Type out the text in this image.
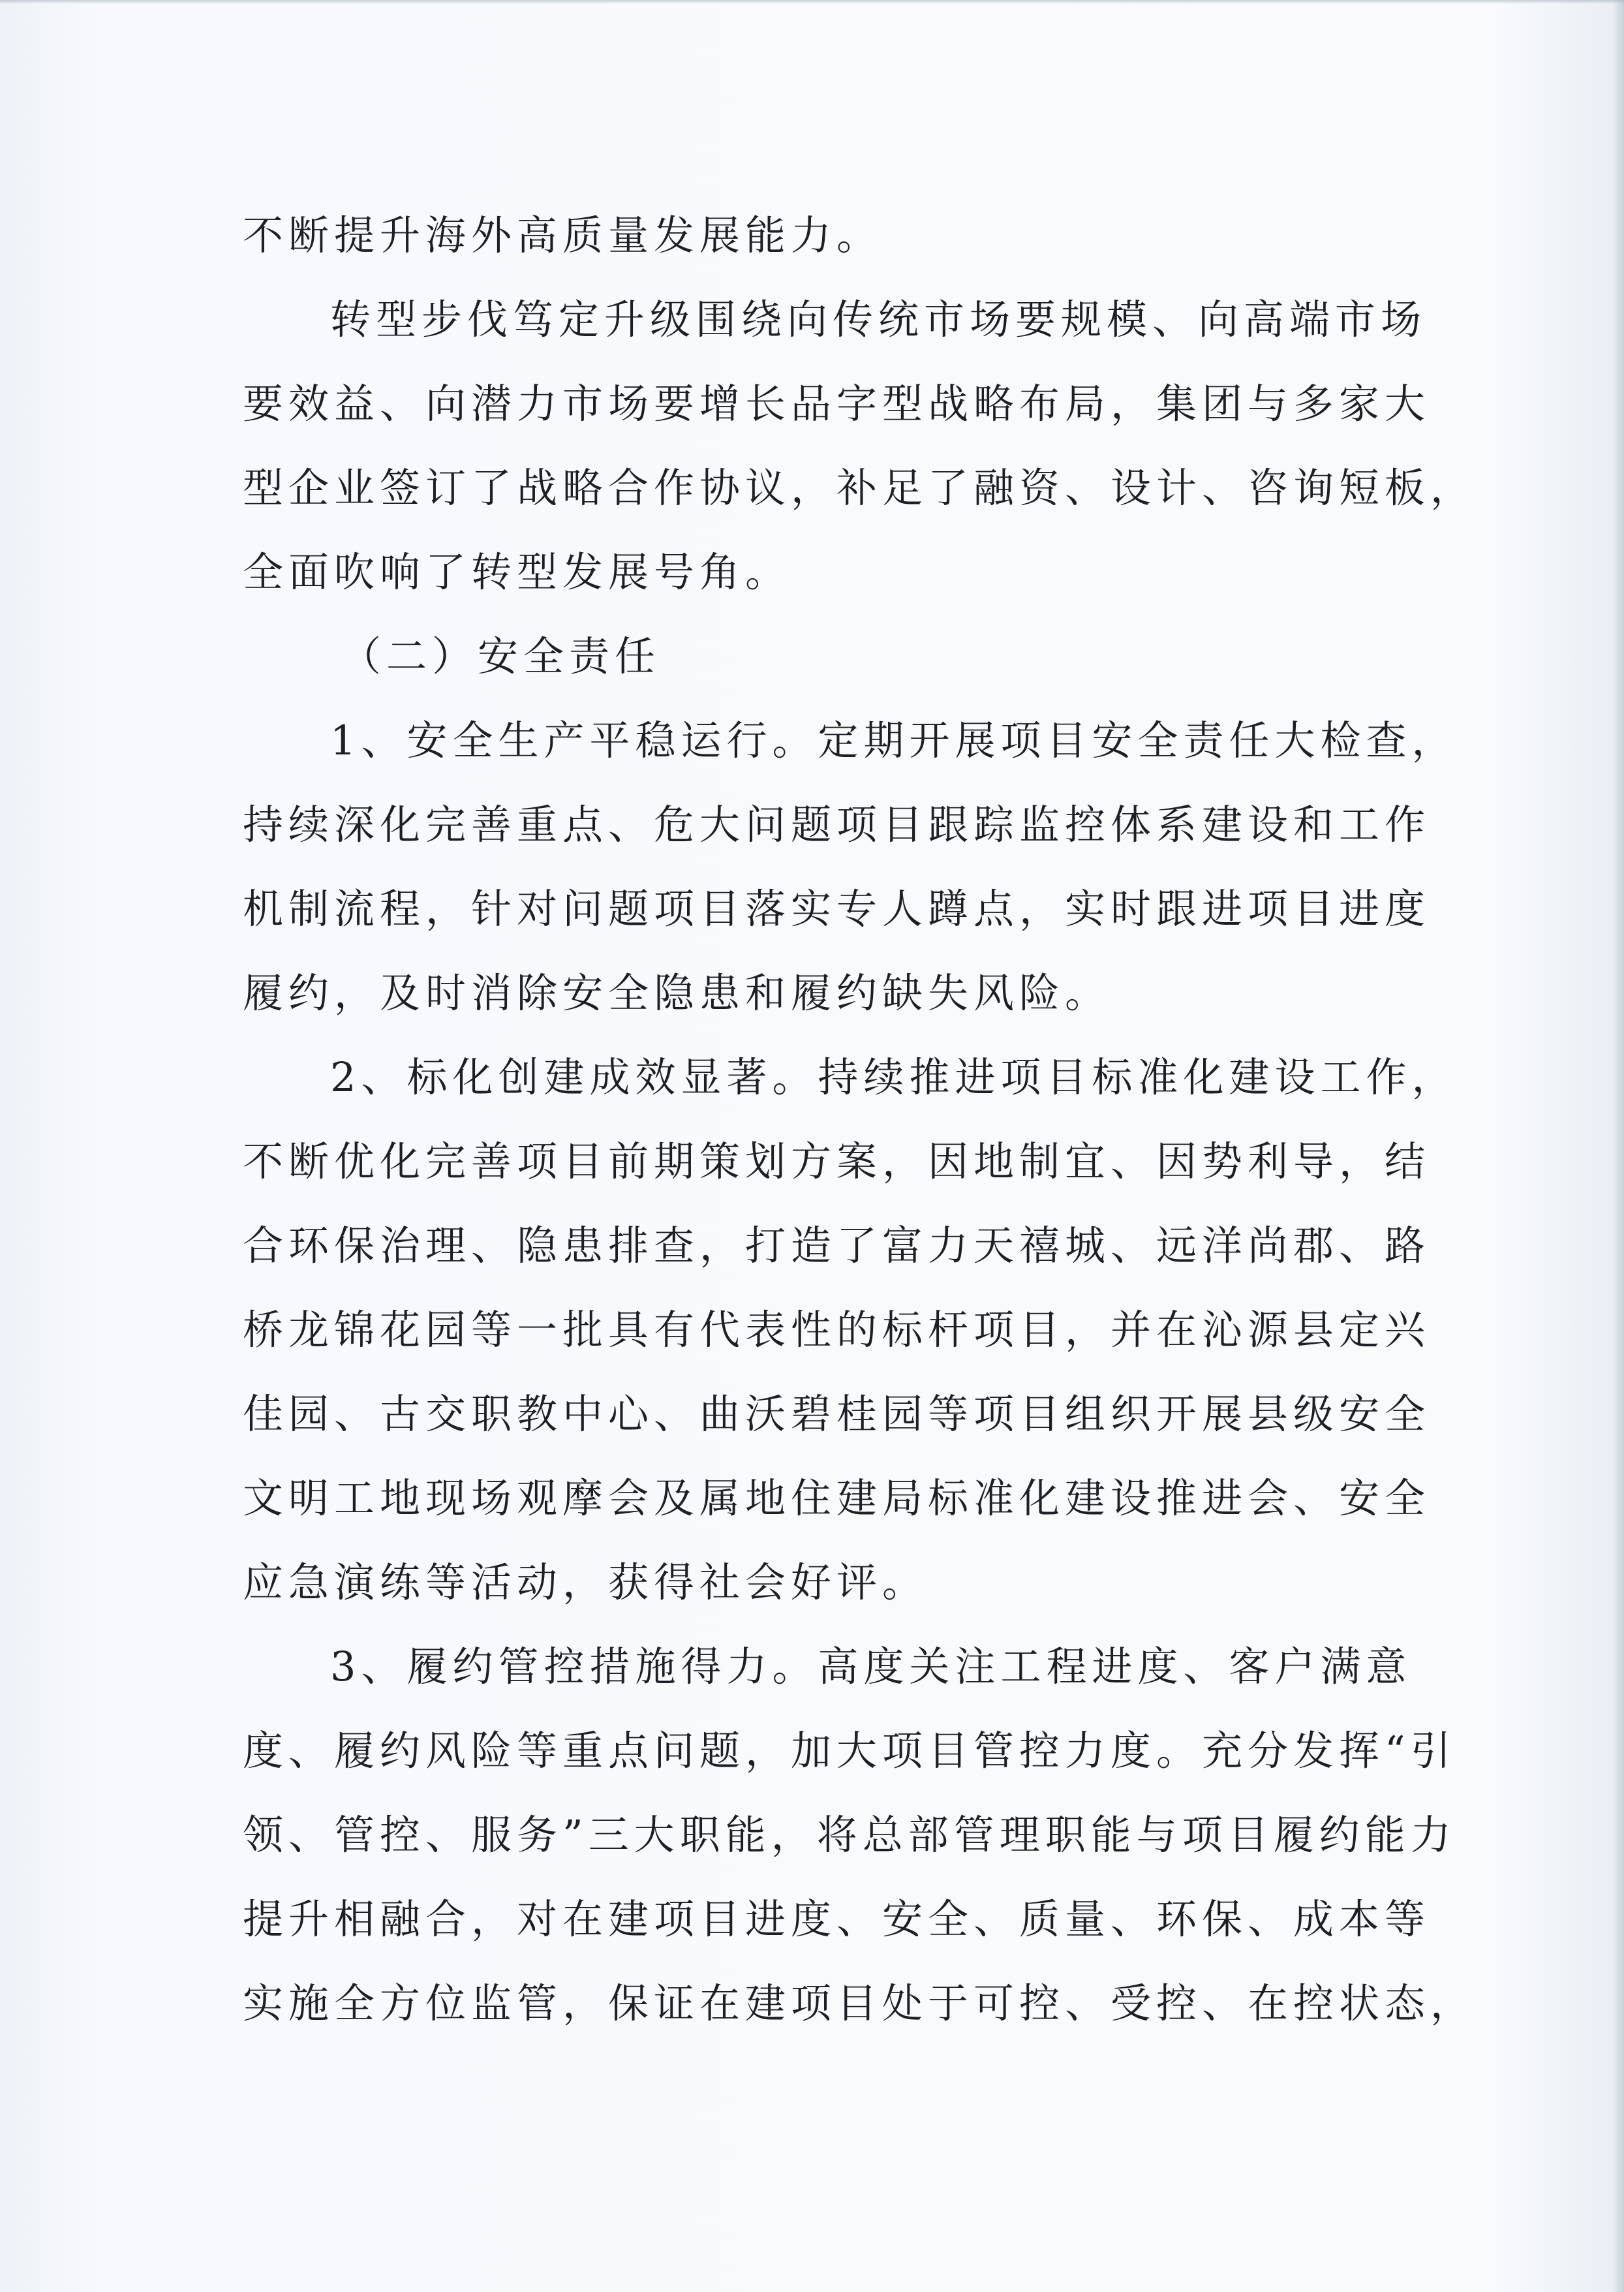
不断提升海外高质量发展能力。
转型步伐笃定升级围绕向传统市场要规模、向高端市场
要效益、向潜力市场要增长品字型战略布局，集团与多家大
型企业签订了战略合作协议，补足了融资、设计、咨询短板，
全面吹响了转型发展号角。
（二）安全责任
1、安全生产平稳运行。定期开展项目安全责任大检查，
持续深化完善重点、危大问题项目跟踪监控体系建设和工作
机制流程，针对问题项目落实专人蹲点，实时跟进项目进度
履约，及时消除安全隐患和履约缺失风险。
2、标化创建成效显著。持续推进项目标准化建设工作，
不断优化完善项目前期策划方案，因地制宜、因势利导，结
合环保治理、隐患排查，打造了富力天禧城、远洋尚郡、路
桥龙锦花园等一批具有代表性的标杆项目，并在沁源县定兴
佳园、古交职教中心、曲沃碧桂园等项目组织开展县级安全
文明工地现场观摩会及属地住建局标准化建设推进会、安全
应急演练等活动，获得社会好评。
3、履约管控措施得力。高度关注工程进度、客户满意
度、履约风险等重点问题，加大项目管控力度。充分发挥“引
领、管控、服务”三大职能，将总部管理职能与项目履约能力
提升相融合，对在建项目进度、安全、质量、环保、成本等
实施全方位监管，保证在建项目处于可控、受控、在控状态，
